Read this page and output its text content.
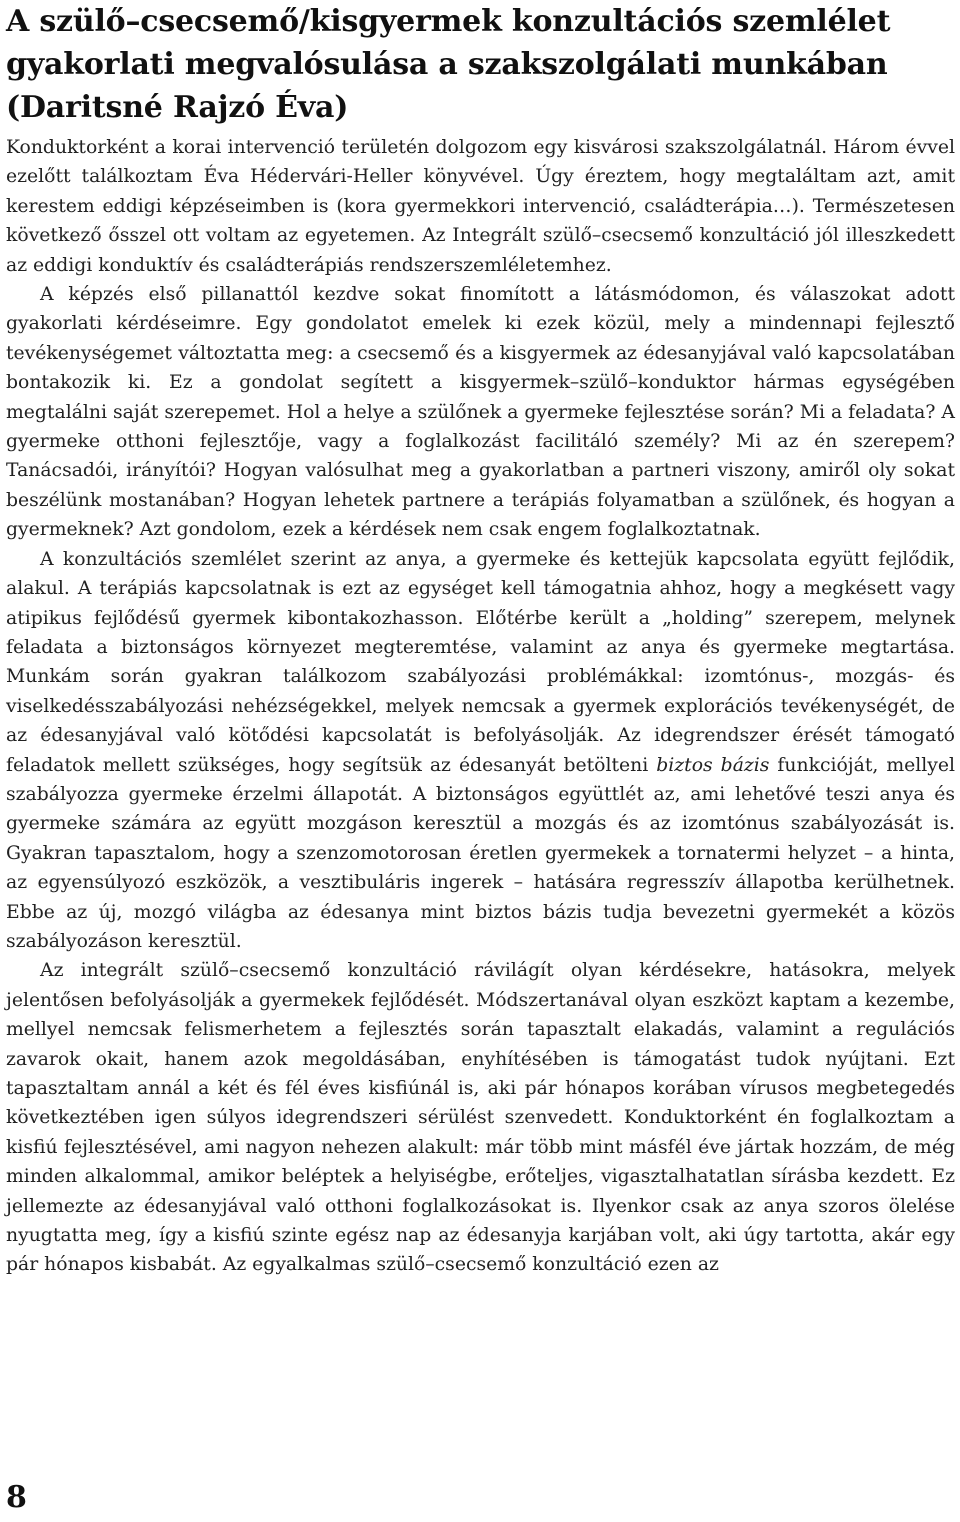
A szülő–csecsemő/kisgyermek konzultációs szemlélet gyakorlati megvalósulása a szakszolgálati munkában (Daritsné Rajzó Éva)

Konduktorként a korai intervenció területén dolgozom egy kisvárosi szakszolgálatnál. Három évvel ezelőtt találkoztam Éva Hédervári-Heller könyvével. Úgy éreztem, hogy megtaláltam azt, amit kerestem eddigi képzéseimben is (kora gyermekkori intervenció, családterápia…). Természetesen következő ősszel ott voltam az egyetemen. Az Integrált szülő–csecsemő konzultáció jól illeszkedett az eddigi konduktív és családterápiás rendszerszemléletemhez.

A képzés első pillanattól kezdve sokat finomított a látásmódomon, és válaszokat adott gyakorlati kérdéseimre. Egy gondolatot emelek ki ezek közül, mely a mindennapi fejlesztő tevékenységemet változtatta meg: a csecsemő és a kisgyermek az édesanyjával való kapcsolatában bontakozik ki. Ez a gondolat segített a kisgyermek–szülő–konduktor hármas egységében megtalálni saját szerepemet. Hol a helye a szülőnek a gyermeke fejlesztése során? Mi a feladata? A gyermeke otthoni fejlesztője, vagy a foglalkozást facilitáló személy? Mi az én szerepem? Tanácsadói, irányítói? Hogyan valósulhat meg a gyakorlatban a partneri viszony, amiről oly sokat beszélünk mostanában? Hogyan lehetek partnere a terápiás folyamatban a szülőnek, és hogyan a gyermeknek? Azt gondolom, ezek a kérdések nem csak engem foglalkoztatnak.

A konzultációs szemlélet szerint az anya, a gyermeke és kettejük kapcsolata együtt fejlődik, alakul. A terápiás kapcsolatnak is ezt az egységet kell támogatnia ahhoz, hogy a megkésett vagy atipikus fejlődésű gyermek kibontakozhasson. Előtérbe került a „holding” szerepem, melynek feladata a biztonságos környezet megteremtése, valamint az anya és gyermeke megtartása. Munkám során gyakran találkozom szabályozási problémákkal: izomtónus-, mozgás- és viselkedésszabályozási nehézségekkel, melyek nemcsak a gyermek explorációs tevékenységét, de az édesanyjával való kötődési kapcsolatát is befolyásolják. Az idegrendszer érését támogató feladatok mellett szükséges, hogy segítsük az édesanyát betölteni biztos bázis funkcióját, mellyel szabályozza gyermeke érzelmi állapotát. A biztonságos együttlét az, ami lehetővé teszi anya és gyermeke számára az együtt mozgáson keresztül a mozgás és az izomtónus szabályozását is. Gyakran tapasztalom, hogy a szenzomotorosan éretlen gyermekek a tornatermi helyzet – a hinta, az egyensúlyozó eszközök, a vesztibuláris ingerek – hatására regresszív állapotba kerülhetnek. Ebbe az új, mozgó világba az édesanya mint biztos bázis tudja bevezetni gyermekét a közös szabályozáson keresztül.

Az integrált szülő–csecsemő konzultáció rávilágít olyan kérdésekre, hatásokra, melyek jelentősen befolyásolják a gyermekek fejlődését. Módszertanával olyan eszközt kaptam a kezembe, mellyel nemcsak felismerhetem a fejlesztés során tapasztalt elakadás, valamint a regulációs zavarok okait, hanem azok megoldásában, enyhítésében is támogatást tudok nyújtani. Ezt tapasztaltam annál a két és fél éves kisfiúnál is, aki pár hónapos korában vírusos megbetegedés következtében igen súlyos idegrendszeri sérülést szenvedett. Konduktorként én foglalkoztam a kisfiú fejlesztésével, ami nagyon nehezen alakult: már több mint másfél éve jártak hozzám, de még minden alkalommal, amikor beléptek a helyiségbe, erőteljes, vigasztalhatatlan sírásba kezdett. Ez jellemezte az édesanyjával való otthoni foglalkozásokat is. Ilyenkor csak az anya szoros ölelése nyugtatta meg, így a kisfiú szinte egész nap az édesanyja karjában volt, aki úgy tartotta, akár egy pár hónapos kisbabát. Az egyalkalmas szülő–csecsemő konzultáció ezen az

8
